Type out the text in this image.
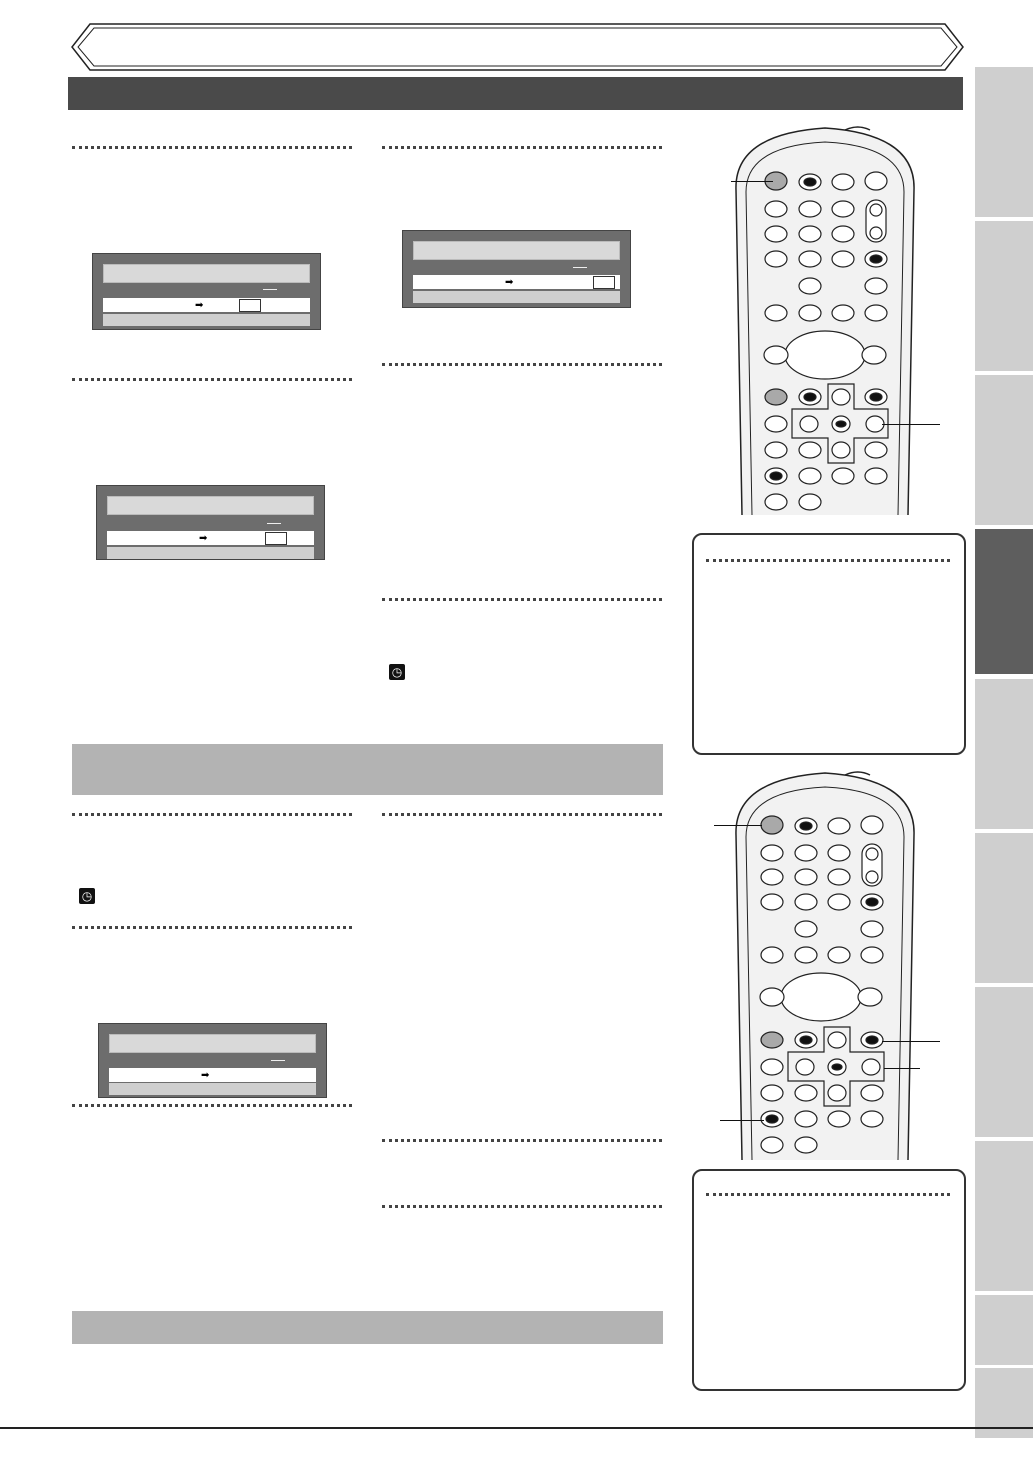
➡
➡
➡
◷
◷
➡
